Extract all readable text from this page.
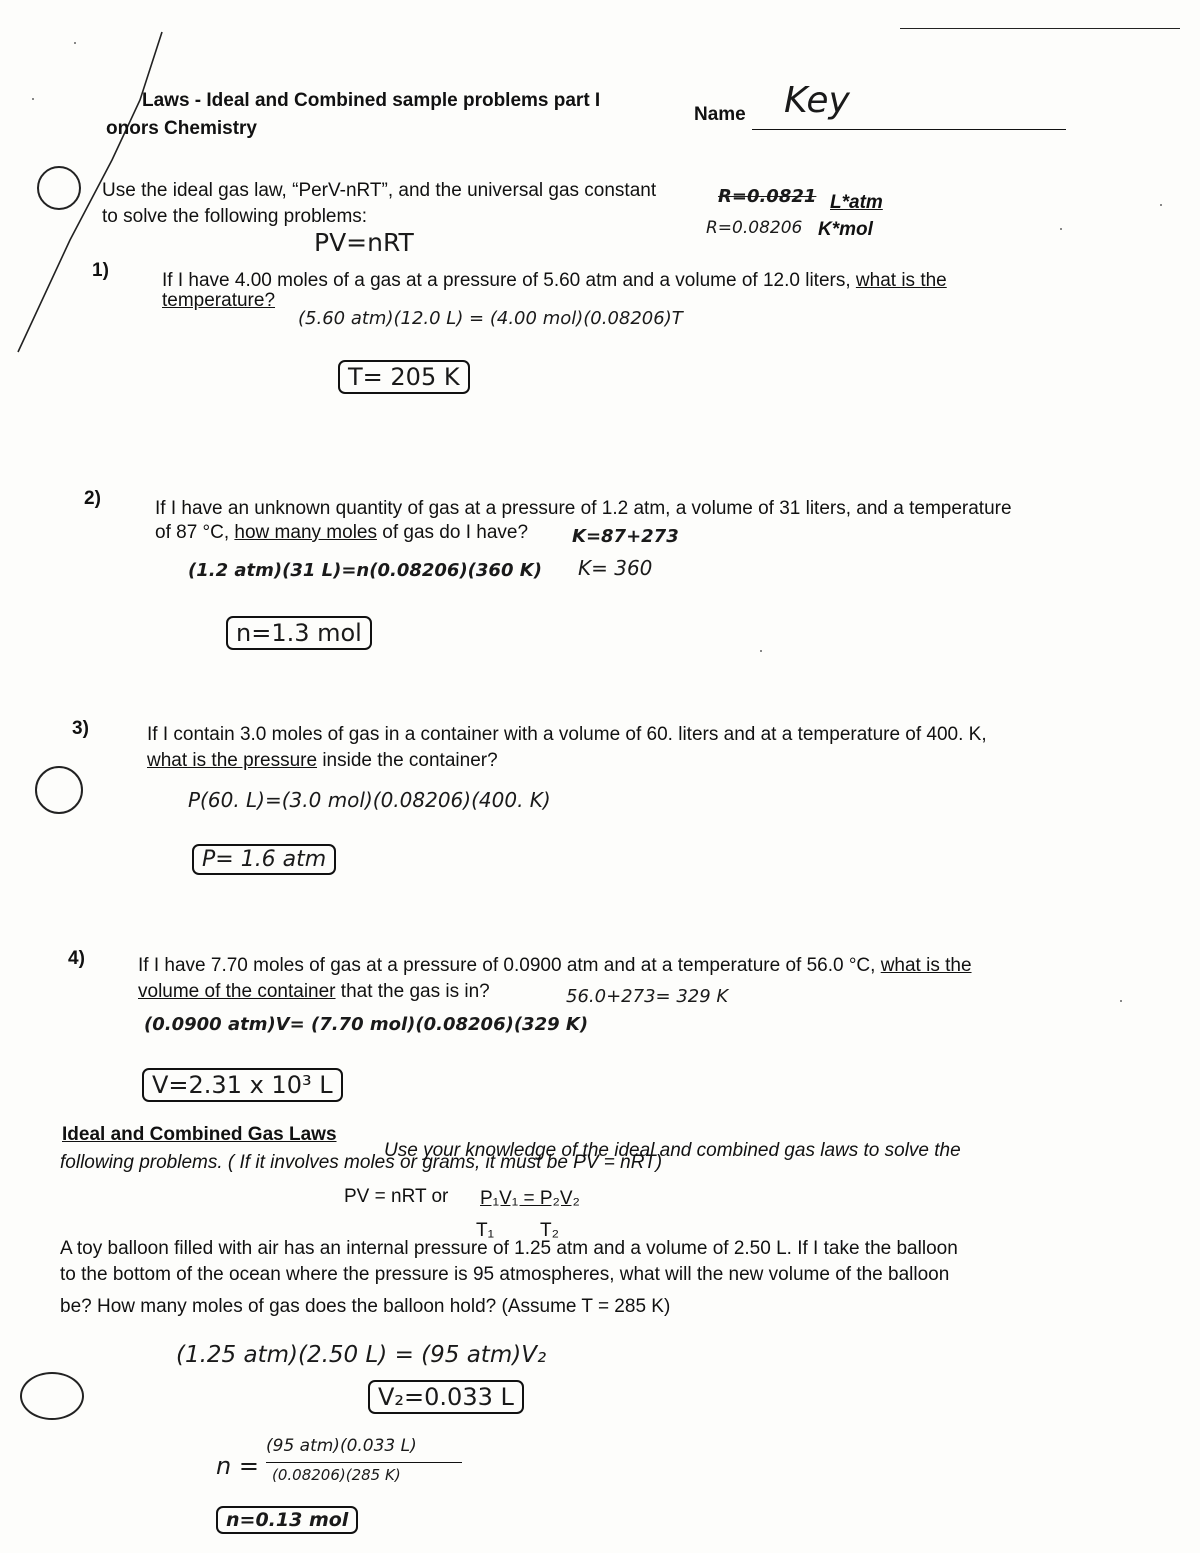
Laws - Ideal and Combined sample problems part I
onors Chemistry
Name Key
Use the ideal gas law, “PerV-nRT”, and the universal gas constant
to solve the following problems:
R=0.0821 L*atm
R=0.08206 K*mol
PV=nRT
1)	If I have 4.00 moles of a gas at a pressure of 5.60 atm and a volume of 12.0 liters, what is the
temperature?
(5.60 atm)(12.0 L) = (4.00 mol)(0.08206)T
T= 205 K
2)	If I have an unknown quantity of gas at a pressure of 1.2 atm, a volume of 31 liters, and a temperature
of 87 °C, how many moles of gas do I have? K=87+273
K= 360
(1.2 atm)(31 L)=n(0.08206)(360 K)
n=1.3 mol
3)	If I contain 3.0 moles of gas in a container with a volume of 60. liters and at a temperature of 400. K,
what is the pressure inside the container?
P(60. L)=(3.0 mol)(0.08206)(400. K)
P= 1.6 atm
4)	If I have 7.70 moles of gas at a pressure of 0.0900 atm and at a temperature of 56.0 °C, what is the
volume of the container that the gas is in?	56.0+273= 329 K
(0.0900 atm)V= (7.70 mol)(0.08206)(329 K)
V=2.31 x 10³ L
Ideal and Combined Gas Laws
Use your knowledge of the ideal and combined gas laws to solve the
following problems. ( If it involves moles or grams, it must be PV = nRT)
PV = nRT or P₁V₁ = P₂V₂
T₁ T₂
A toy balloon filled with air has an internal pressure of 1.25 atm and a volume of 2.50 L. If I take the balloon
to the bottom of the ocean where the pressure is 95 atmospheres, what will the new volume of the balloon
be? How many moles of gas does the balloon hold? (Assume T = 285 K)
(1.25 atm)(2.50 L) = (95 atm)V₂
V₂=0.033 L
n =
(95 atm)(0.033 L)
(0.08206)(285 K)
n=0.13 mol
